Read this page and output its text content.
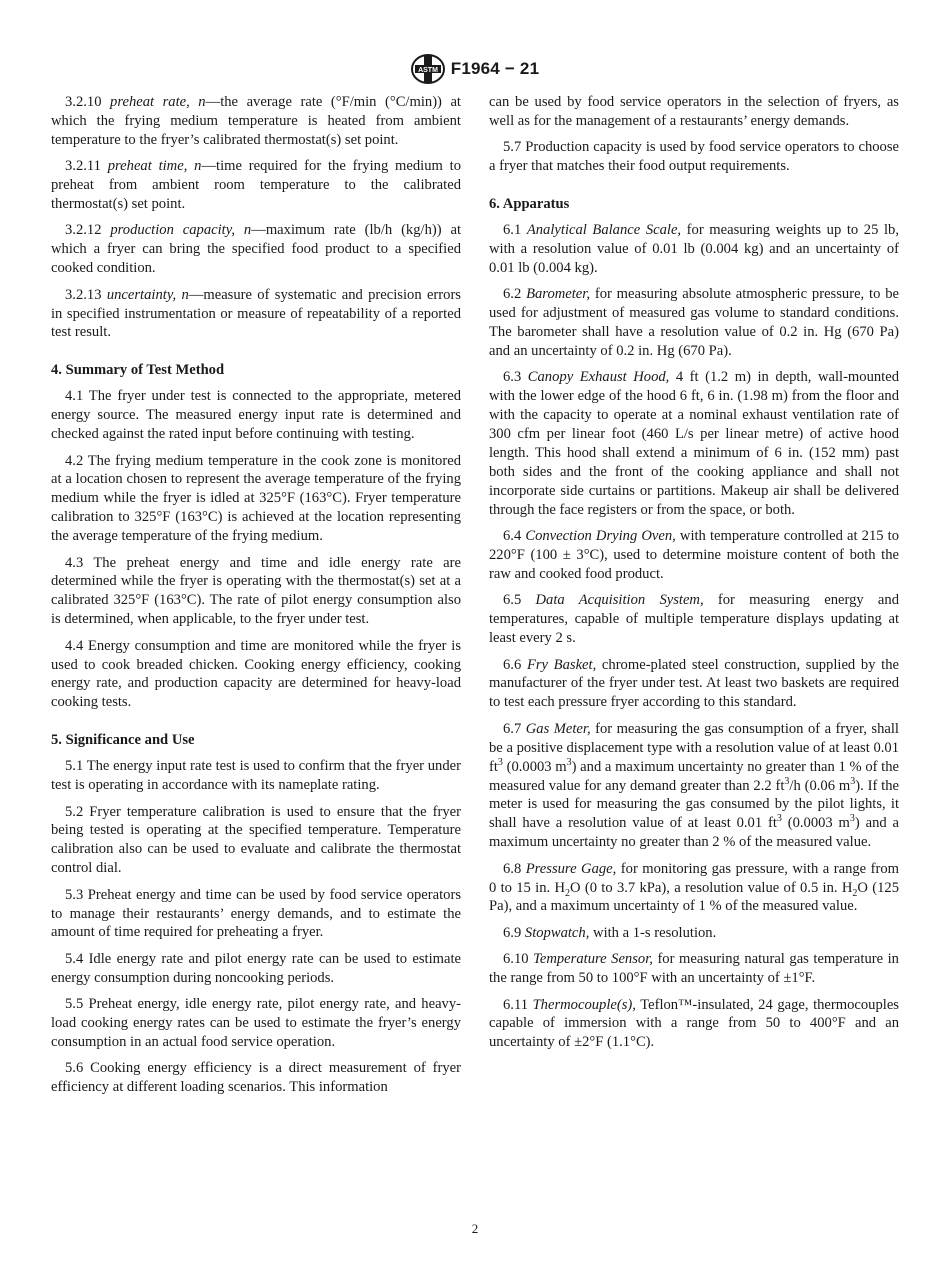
ASTM F1964 − 21

3.2.10 preheat rate, n—the average rate (°F/min (°C/min)) at which the frying medium temperature is heated from ambient temperature to the fryer’s calibrated thermostat(s) set point.

3.2.11 preheat time, n—time required for the frying medium to preheat from ambient room temperature to the calibrated thermostat(s) set point.

3.2.12 production capacity, n—maximum rate (lb/h (kg/h)) at which a fryer can bring the specified food product to a specified cooked condition.

3.2.13 uncertainty, n—measure of systematic and precision errors in specified instrumentation or measure of repeatability of a reported test result.

4. Summary of Test Method

4.1 The fryer under test is connected to the appropriate, metered energy source. The measured energy input rate is determined and checked against the rated input before continuing with testing.

4.2 The frying medium temperature in the cook zone is monitored at a location chosen to represent the average temperature of the frying medium while the fryer is idled at 325°F (163°C). Fryer temperature calibration to 325°F (163°C) is achieved at the location representing the average temperature of the frying medium.

4.3 The preheat energy and time and idle energy rate are determined while the fryer is operating with the thermostat(s) set at a calibrated 325°F (163°C). The rate of pilot energy consumption also is determined, when applicable, to the fryer under test.

4.4 Energy consumption and time are monitored while the fryer is used to cook breaded chicken. Cooking energy efficiency, cooking energy rate, and production capacity are determined for heavy-load cooking tests.

5. Significance and Use

5.1 The energy input rate test is used to confirm that the fryer under test is operating in accordance with its nameplate rating.

5.2 Fryer temperature calibration is used to ensure that the fryer being tested is operating at the specified temperature. Temperature calibration also can be used to evaluate and calibrate the thermostat control dial.

5.3 Preheat energy and time can be used by food service operators to manage their restaurants’ energy demands, and to estimate the amount of time required for preheating a fryer.

5.4 Idle energy rate and pilot energy rate can be used to estimate energy consumption during noncooking periods.

5.5 Preheat energy, idle energy rate, pilot energy rate, and heavy-load cooking energy rates can be used to estimate the fryer’s energy consumption in an actual food service operation.

5.6 Cooking energy efficiency is a direct measurement of fryer efficiency at different loading scenarios. This information

can be used by food service operators in the selection of fryers, as well as for the management of a restaurants’ energy demands.

5.7 Production capacity is used by food service operators to choose a fryer that matches their food output requirements.

6. Apparatus

6.1 Analytical Balance Scale, for measuring weights up to 25 lb, with a resolution value of 0.01 lb (0.004 kg) and an uncertainty of 0.01 lb (0.004 kg).

6.2 Barometer, for measuring absolute atmospheric pressure, to be used for adjustment of measured gas volume to standard conditions. The barometer shall have a resolution value of 0.2 in. Hg (670 Pa) and an uncertainty of 0.2 in. Hg (670 Pa).

6.3 Canopy Exhaust Hood, 4 ft (1.2 m) in depth, wall-mounted with the lower edge of the hood 6 ft, 6 in. (1.98 m) from the floor and with the capacity to operate at a nominal exhaust ventilation rate of 300 cfm per linear foot (460 L/s per linear metre) of active hood length. This hood shall extend a minimum of 6 in. (152 mm) past both sides and the front of the cooking appliance and shall not incorporate side curtains or partitions. Makeup air shall be delivered through the face registers or from the space, or both.

6.4 Convection Drying Oven, with temperature controlled at 215 to 220°F (100 ± 3°C), used to determine moisture content of both the raw and cooked food product.

6.5 Data Acquisition System, for measuring energy and temperatures, capable of multiple temperature displays updating at least every 2 s.

6.6 Fry Basket, chrome-plated steel construction, supplied by the manufacturer of the fryer under test. At least two baskets are required to test each pressure fryer according to this standard.

6.7 Gas Meter, for measuring the gas consumption of a fryer, shall be a positive displacement type with a resolution value of at least 0.01 $ft^3$ (0.0003 $m^3$) and a maximum uncertainty no greater than 1 % of the measured value for any demand greater than 2.2 $ft^3/h$ (0.06 $m^3$). If the meter is used for measuring the gas consumed by the pilot lights, it shall have a resolution value of at least 0.01 $ft^3$ (0.0003 $m^3$) and a maximum uncertainty no greater than 2 % of the measured value.

6.8 Pressure Gage, for monitoring gas pressure, with a range from 0 to 15 in. $H_2O$ (0 to 3.7 kPa), a resolution value of 0.5 in. $H_2O$ (125 Pa), and a maximum uncertainty of 1 % of the measured value.

6.9 Stopwatch, with a 1-s resolution.

6.10 Temperature Sensor, for measuring natural gas temperature in the range from 50 to 100°F with an uncertainty of ±1°F.

6.11 Thermocouple(s), Teflon™-insulated, 24 gage, thermocouples capable of immersion with a range from 50 to 400°F and an uncertainty of ±2°F (1.1°C).

2
